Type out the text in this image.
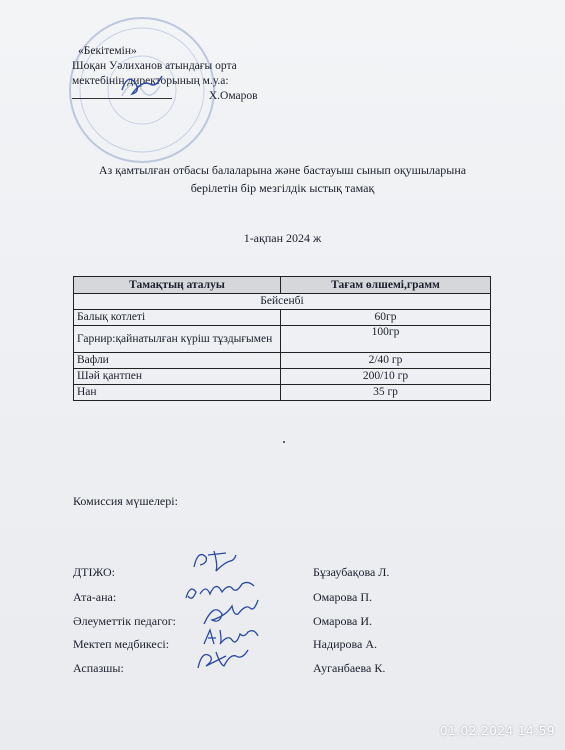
«Бекітемін»
Шоқан Уәлиханов атындағы орта
мектебінің директорының м.у.а:
Х.Омаров
Аз қамтылған отбасы балаларына және бастауыш сынып оқушыларына
берілетін бір мезгілдік ыстық тамақ
1-ақпан 2024 ж
Тамақтың аталуы	Тағам өлшемі,грамм
Бейсенбі	
Балық котлеті	60гр
Гарнир:қайнатылған күріш тұздығымен	100гр
Вафли	2/40 гр
Шәй қантпен	200/10 гр
Нан	35 гр
Комиссия мүшелері:
ДТІЖО:	Бұзаубақова Л.
Ата-ана:	Омарова П.
Әлеуметтік педагог:	Омарова И.
Мектеп медбикесі:	Надирова А.
Аспазшы:	Ауганбаева К.
01.02.2024 14:59
